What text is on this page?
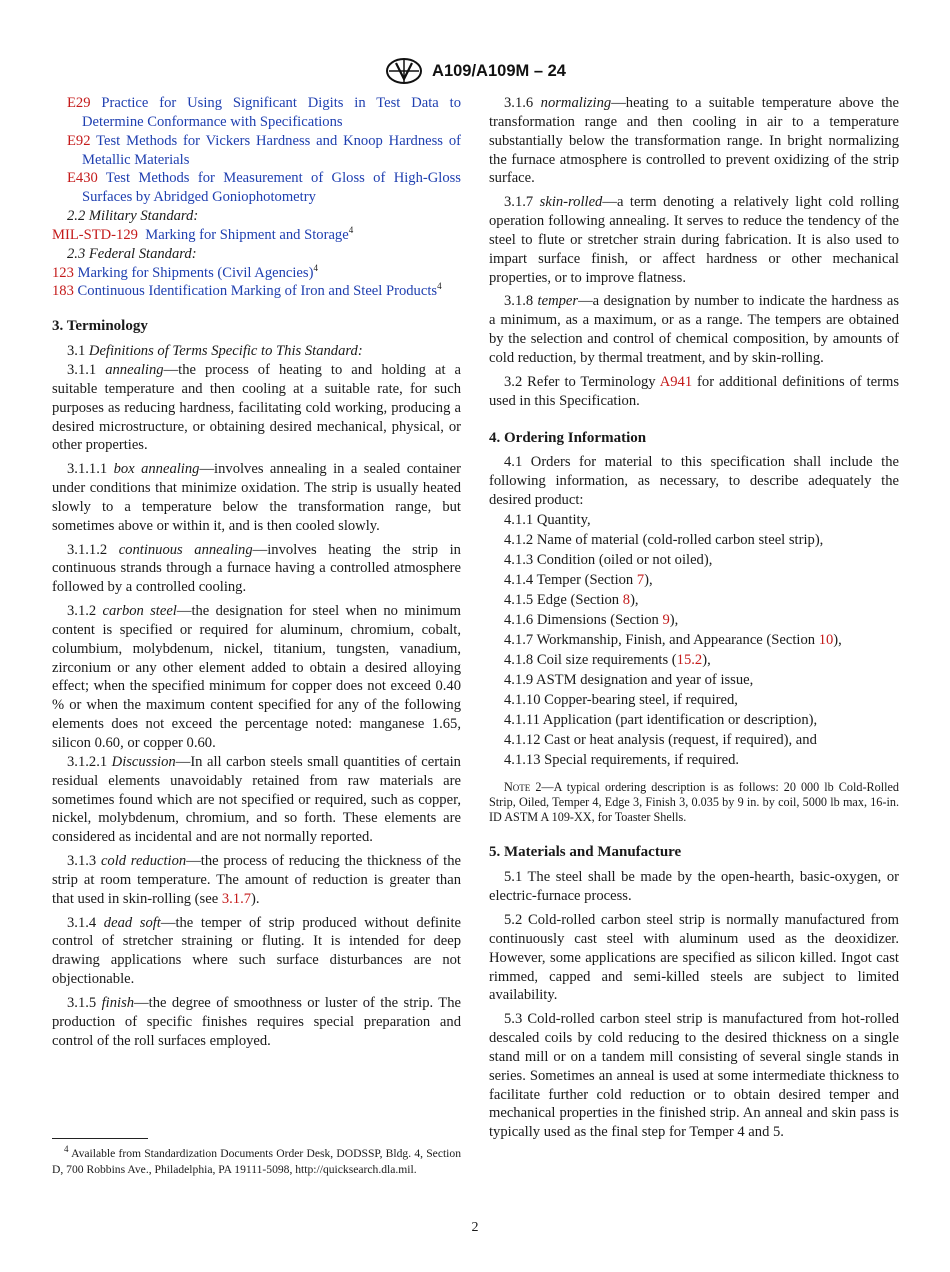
A109/A109M – 24
E29 Practice for Using Significant Digits in Test Data to Determine Conformance with Specifications
E92 Test Methods for Vickers Hardness and Knoop Hardness of Metallic Materials
E430 Test Methods for Measurement of Gloss of High-Gloss Surfaces by Abridged Goniophotometry
2.2 Military Standard:
MIL-STD-129 Marking for Shipment and Storage$^4$
2.3 Federal Standard:
123 Marking for Shipments (Civil Agencies)$^4$
183 Continuous Identification Marking of Iron and Steel Products$^4$
3. Terminology
3.1 Definitions of Terms Specific to This Standard:
3.1.1 annealing—the process of heating to and holding at a suitable temperature and then cooling at a suitable rate, for such purposes as reducing hardness, facilitating cold working, producing a desired microstructure, or obtaining desired mechanical, physical, or other properties.
3.1.1.1 box annealing—involves annealing in a sealed container under conditions that minimize oxidation. The strip is usually heated slowly to a temperature below the transformation range, but sometimes above or within it, and is then cooled slowly.
3.1.1.2 continuous annealing—involves heating the strip in continuous strands through a furnace having a controlled atmosphere followed by a controlled cooling.
3.1.2 carbon steel—the designation for steel when no minimum content is specified or required for aluminum, chromium, cobalt, columbium, molybdenum, nickel, titanium, tungsten, vanadium, zirconium or any other element added to obtain a desired alloying effect; when the specified minimum for copper does not exceed 0.40 % or when the maximum content specified for any of the following elements does not exceed the percentage noted: manganese 1.65, silicon 0.60, or copper 0.60.
3.1.2.1 Discussion—In all carbon steels small quantities of certain residual elements unavoidably retained from raw materials are sometimes found which are not specified or required, such as copper, nickel, molybdenum, chromium, and so forth. These elements are considered as incidental and are not normally reported.
3.1.3 cold reduction—the process of reducing the thickness of the strip at room temperature. The amount of reduction is greater than that used in skin-rolling (see 3.1.7).
3.1.4 dead soft—the temper of strip produced without definite control of stretcher straining or fluting. It is intended for deep drawing applications where such surface disturbances are not objectionable.
3.1.5 finish—the degree of smoothness or luster of the strip. The production of specific finishes requires special preparation and control of the roll surfaces employed.
$^4$ Available from Standardization Documents Order Desk, DODSSP, Bldg. 4, Section D, 700 Robbins Ave., Philadelphia, PA 19111-5098, http://quicksearch.dla.mil.
3.1.6 normalizing—heating to a suitable temperature above the transformation range and then cooling in air to a temperature substantially below the transformation range. In bright normalizing the furnace atmosphere is controlled to prevent oxidizing of the strip surface.
3.1.7 skin-rolled—a term denoting a relatively light cold rolling operation following annealing. It serves to reduce the tendency of the steel to flute or stretcher strain during fabrication. It is also used to impart surface finish, or affect hardness or other mechanical properties, or to improve flatness.
3.1.8 temper—a designation by number to indicate the hardness as a minimum, as a maximum, or as a range. The tempers are obtained by the selection and control of chemical composition, by amounts of cold reduction, by thermal treatment, and by skin-rolling.
3.2 Refer to Terminology A941 for additional definitions of terms used in this Specification.
4. Ordering Information
4.1 Orders for material to this specification shall include the following information, as necessary, to describe adequately the desired product:
4.1.1 Quantity,
4.1.2 Name of material (cold-rolled carbon steel strip),
4.1.3 Condition (oiled or not oiled),
4.1.4 Temper (Section 7),
4.1.5 Edge (Section 8),
4.1.6 Dimensions (Section 9),
4.1.7 Workmanship, Finish, and Appearance (Section 10),
4.1.8 Coil size requirements (15.2),
4.1.9 ASTM designation and year of issue,
4.1.10 Copper-bearing steel, if required,
4.1.11 Application (part identification or description),
4.1.12 Cast or heat analysis (request, if required), and
4.1.13 Special requirements, if required.
Note 2—A typical ordering description is as follows: 20 000 lb Cold-Rolled Strip, Oiled, Temper 4, Edge 3, Finish 3, 0.035 by 9 in. by coil, 5000 lb max, 16-in. ID ASTM A 109-XX, for Toaster Shells.
5. Materials and Manufacture
5.1 The steel shall be made by the open-hearth, basic-oxygen, or electric-furnace process.
5.2 Cold-rolled carbon steel strip is normally manufactured from continuously cast steel with aluminum used as the deoxidizer. However, some applications are specified as silicon killed. Ingot cast rimmed, capped and semi-killed steels are subject to limited availability.
5.3 Cold-rolled carbon steel strip is manufactured from hot-rolled descaled coils by cold reducing to the desired thickness on a single stand mill or on a tandem mill consisting of several single stands in series. Sometimes an anneal is used at some intermediate thickness to facilitate further cold reduction or to obtain desired temper and mechanical properties in the finished strip. An anneal and skin pass is typically used as the final step for Temper 4 and 5.
2
